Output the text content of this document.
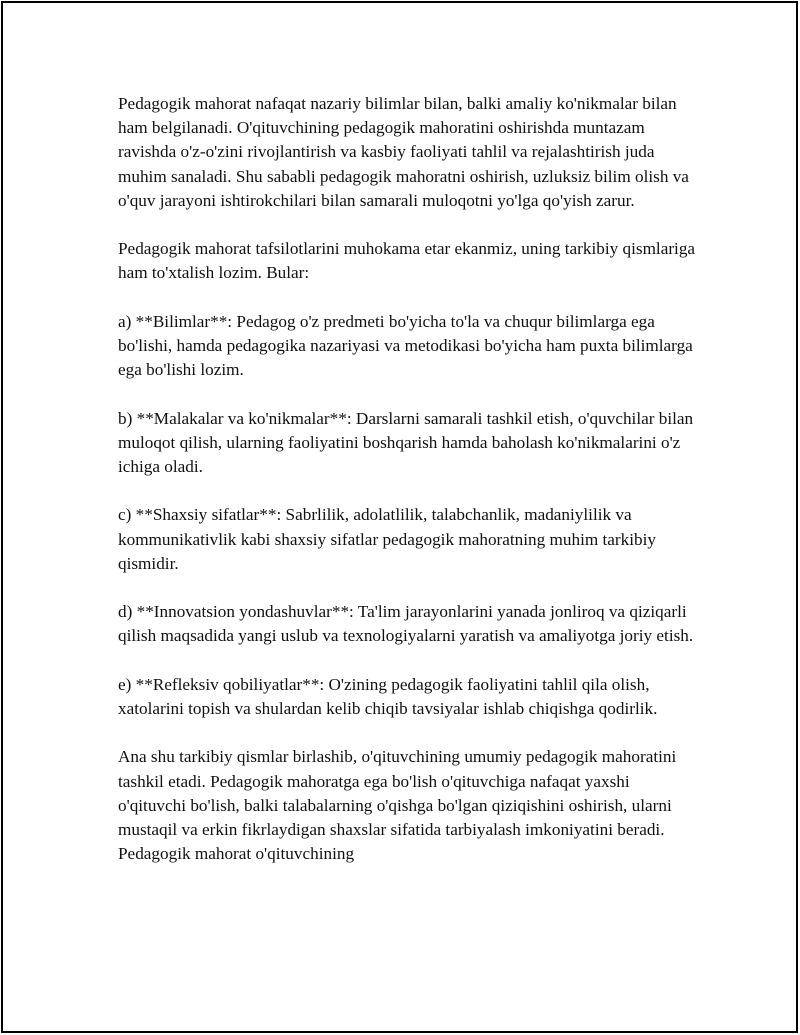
Pedagogik mahorat nafaqat nazariy bilimlar bilan, balki amaliy ko'nikmalar bilan ham belgilanadi. O'qituvchining pedagogik mahoratini oshirishda muntazam ravishda o'z-o'zini rivojlantirish va kasbiy faoliyati tahlil va rejalashtirish juda muhim sanaladi. Shu sababli pedagogik mahoratni oshirish, uzluksiz bilim olish va o'quv jarayoni ishtirokchilari bilan samarali muloqotni yo'lga qo'yish zarur.

Pedagogik mahorat tafsilotlarini muhokama etar ekanmiz, uning tarkibiy qismlariga ham to'xtalish lozim. Bular:

a) **Bilimlar**: Pedagog o'z predmeti bo'yicha to'la va chuqur bilimlarga ega bo'lishi, hamda pedagogika nazariyasi va metodikasi bo'yicha ham puxta bilimlarga ega bo'lishi lozim.

b) **Malakalar va ko'nikmalar**: Darslarni samarali tashkil etish, o'quvchilar bilan muloqot qilish, ularning faoliyatini boshqarish hamda baholash ko'nikmalarini o'z ichiga oladi.

c) **Shaxsiy sifatlar**: Sabrlilik, adolatlilik, talabchanlik, madaniylilik va kommunikativlik kabi shaxsiy sifatlar pedagogik mahoratning muhim tarkibiy qismidir.

d) **Innovatsion yondashuvlar**: Ta'lim jarayonlarini yanada jonliroq va qiziqarli qilish maqsadida yangi uslub va texnologiyalarni yaratish va amaliyotga joriy etish.

e) **Refleksiv qobiliyatlar**: O'zining pedagogik faoliyatini tahlil qila olish, xatolarini topish va shulardan kelib chiqib tavsiyalar ishlab chiqishga qodirlik.

Ana shu tarkibiy qismlar birlashib, o'qituvchining umumiy pedagogik mahoratini tashkil etadi. Pedagogik mahoratga ega bo'lish o'qituvchiga nafaqat yaxshi o'qituvchi bo'lish, balki talabalarning o'qishga bo'lgan qiziqishini oshirish, ularni mustaqil va erkin fikrlaydigan shaxslar sifatida tarbiyalash imkoniyatini beradi. Pedagogik mahorat o'qituvchining
